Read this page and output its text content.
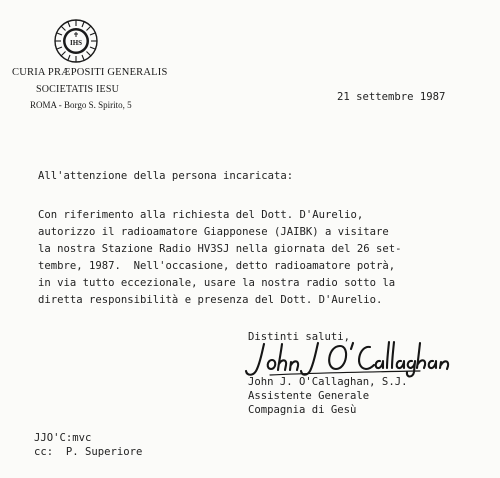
IHS
CURIA PRÆPOSITI GENERALIS
SOCIETATIS IESU
ROMA - Borgo S. Spirito, 5
21 settembre 1987
All'attenzione della persona incaricata:
Con riferimento alla richiesta del Dott. D'Aurelio,
autorizzo il radioamatore Giapponese (JAIBK) a visitare
la nostra Stazione Radio HV3SJ nella giornata del 26 set-
tembre, 1987.  Nell'occasione, detto radioamatore potrà,
in via tutto eccezionale, usare la nostra radio sotto la
diretta responsibilità e presenza del Dott. D'Aurelio.
Distinti saluti,
John J. O'Callaghan, S.J.
Assistente Generale
Compagnia di Gesù
JJO'C:mvc
cc:  P. Superiore
